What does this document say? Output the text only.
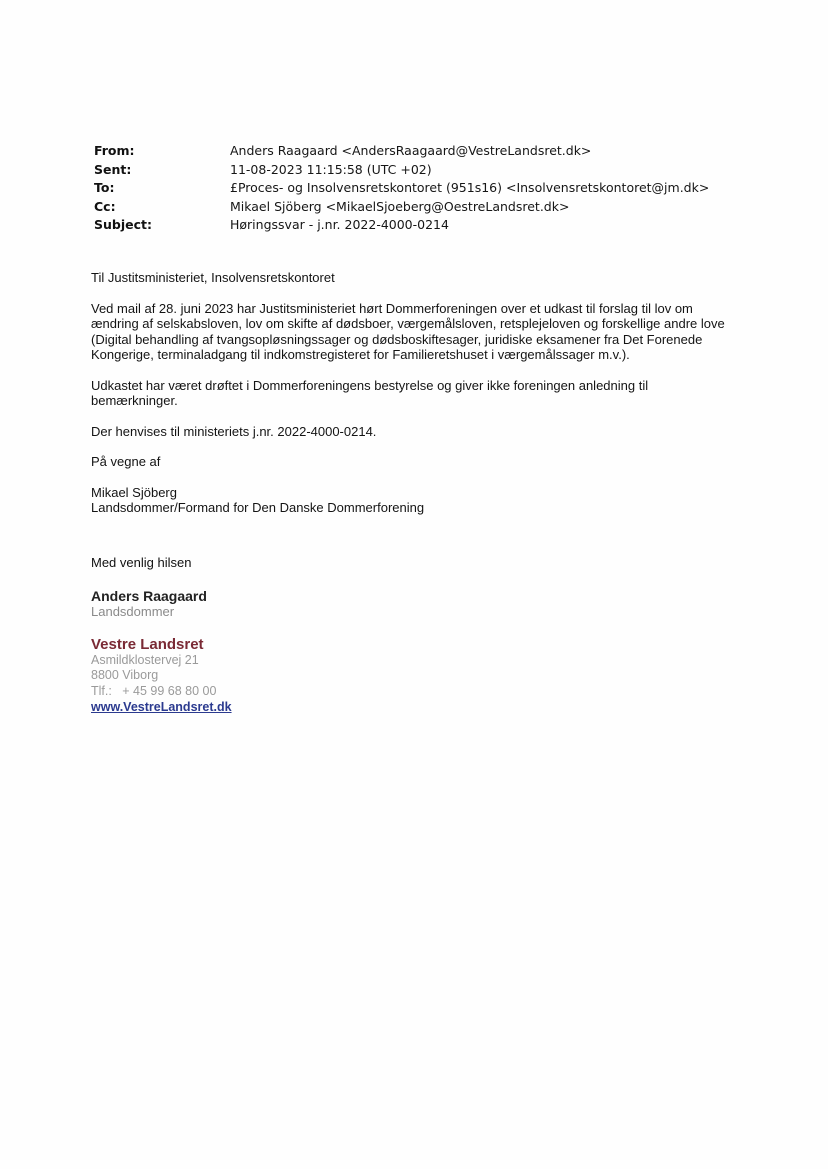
From:	Anders Raagaard <AndersRaagaard@VestreLandsret.dk>
Sent:	11-08-2023 11:15:58 (UTC +02)
To:	£Proces- og Insolvensretskontoret (951s16) <Insolvensretskontoret@jm.dk>
Cc:	Mikael Sjöberg <MikaelSjoeberg@OestreLandsret.dk>
Subject:	Høringssvar - j.nr. 2022-4000-0214

Til Justitsministeriet, Insolvensretskontoret

Ved mail af 28. juni 2023 har Justitsministeriet hørt Dommerforeningen over et udkast til forslag til lov om ændring af selskabsloven, lov om skifte af dødsboer, værgemålsloven, retsplejeloven og forskellige andre love (Digital behandling af tvangsopløsningssager og dødsboskiftesager, juridiske eksamener fra Det Forenede Kongerige, terminaladgang til indkomstregisteret for Familieretshuset i værgemålssager m.v.).

Udkastet har været drøftet i Dommerforeningens bestyrelse og giver ikke foreningen anledning til bemærkninger.

Der henvises til ministeriets j.nr. 2022-4000-0214.

På vegne af

Mikael Sjöberg

Landsdommer/Formand for Den Danske Dommerforening

Med venlig hilsen
Anders Raagaard
Landsdommer
Vestre Landsret
Asmildklostervej 21
8800 Viborg
Tlf.:   + 45 99 68 80 00
www.VestreLandsret.dk
